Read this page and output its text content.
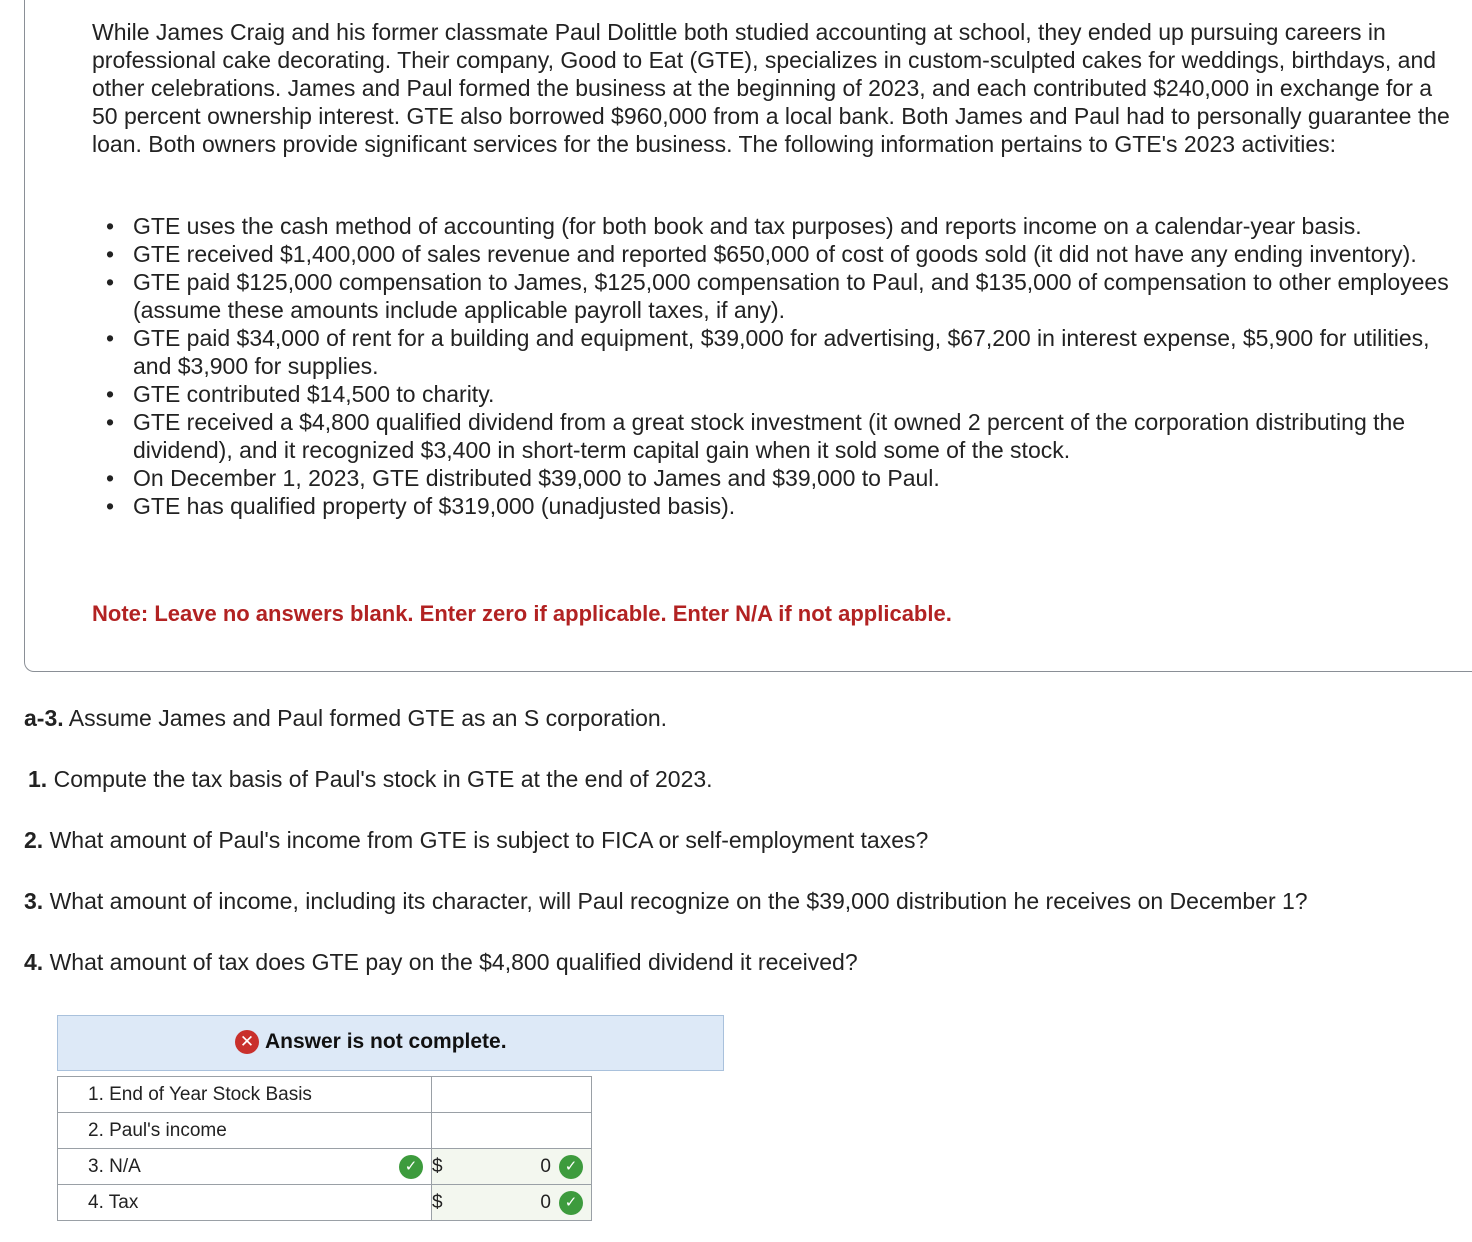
While James Craig and his former classmate Paul Dolittle both studied accounting at school, they ended up pursuing careers in professional cake decorating. Their company, Good to Eat (GTE), specializes in custom-sculpted cakes for weddings, birthdays, and other celebrations. James and Paul formed the business at the beginning of 2023, and each contributed $240,000 in exchange for a 50 percent ownership interest. GTE also borrowed $960,000 from a local bank. Both James and Paul had to personally guarantee the loan. Both owners provide significant services for the business. The following information pertains to GTE's 2023 activities:

• GTE uses the cash method of accounting (for both book and tax purposes) and reports income on a calendar-year basis.
• GTE received $1,400,000 of sales revenue and reported $650,000 of cost of goods sold (it did not have any ending inventory).
• GTE paid $125,000 compensation to James, $125,000 compensation to Paul, and $135,000 of compensation to other employees (assume these amounts include applicable payroll taxes, if any).
• GTE paid $34,000 of rent for a building and equipment, $39,000 for advertising, $67,200 in interest expense, $5,900 for utilities, and $3,900 for supplies.
• GTE contributed $14,500 to charity.
• GTE received a $4,800 qualified dividend from a great stock investment (it owned 2 percent of the corporation distributing the dividend), and it recognized $3,400 in short-term capital gain when it sold some of the stock.
• On December 1, 2023, GTE distributed $39,000 to James and $39,000 to Paul.
• GTE has qualified property of $319,000 (unadjusted basis).

Note: Leave no answers blank. Enter zero if applicable. Enter N/A if not applicable.

a-3. Assume James and Paul formed GTE as an S corporation.

1. Compute the tax basis of Paul's stock in GTE at the end of 2023.

2. What amount of Paul's income from GTE is subject to FICA or self-employment taxes?

3. What amount of income, including its character, will Paul recognize on the $39,000 distribution he receives on December 1?

4. What amount of tax does GTE pay on the $4,800 qualified dividend it received?

✕ Answer is not complete.
1. End of Year Stock Basis	

2. Paul's income	

3. N/A ✓	$ 0 ✓

4. Tax	$ 0 ✓
